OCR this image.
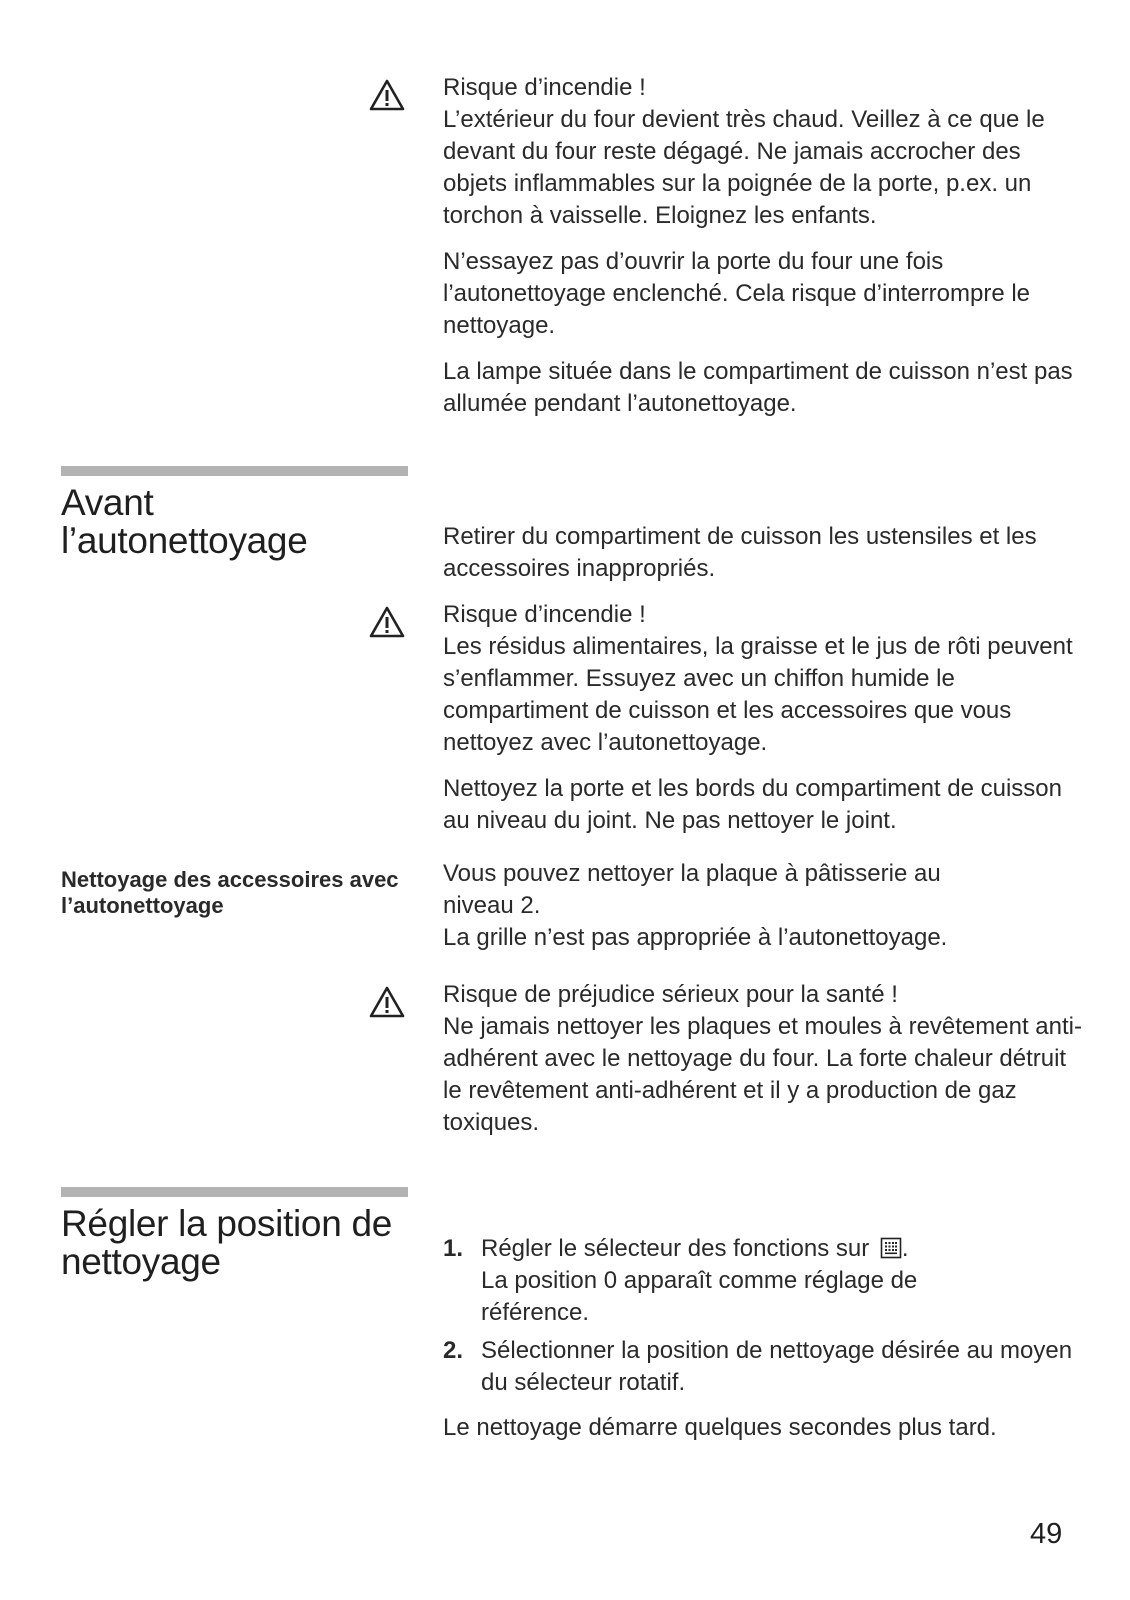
Risque d’incendie !

L’extérieur du four devient très chaud. Veillez à ce que le devant du four reste dégagé. Ne jamais accrocher des objets inflammables sur la poignée de la porte, p.ex. un torchon à vaisselle. Eloignez les enfants.

N’essayez pas d’ouvrir la porte du four une fois l’autonettoyage enclenché. Cela risque d’interrompre le nettoyage.

La lampe située dans le compartiment de cuisson n’est pas allumée pendant l’autonettoyage.

Avant l’autonettoyage	Retirer du compartiment de cuisson les ustensiles et les accessoires inappropriés.

Risque d’incendie !

Les résidus alimentaires, la graisse et le jus de rôti peuvent s’enflammer. Essuyez avec un chiffon humide le compartiment de cuisson et les accessoires que vous nettoyez avec l’autonettoyage.

Nettoyez la porte et les bords du compartiment de cuisson au niveau du joint. Ne pas nettoyer le joint.

Nettoyage des accessoires avec l’autonettoyage

Vous pouvez nettoyer la plaque à pâtisserie au niveau 2.

La grille n’est pas appropriée à l’autonettoyage.

Risque de préjudice sérieux pour la santé !

Ne jamais nettoyer les plaques et moules à revêtement anti-adhérent avec le nettoyage du four. La forte chaleur détruit le revêtement anti-adhérent et il y a production de gaz toxiques.

Régler la position de nettoyage	1. Régler le sélecteur des fonctions sur .
La position 0 apparaît comme réglage de référence.
2. Sélectionner la position de nettoyage désirée au moyen du sélecteur rotatif.

Le nettoyage démarre quelques secondes plus tard.

49
